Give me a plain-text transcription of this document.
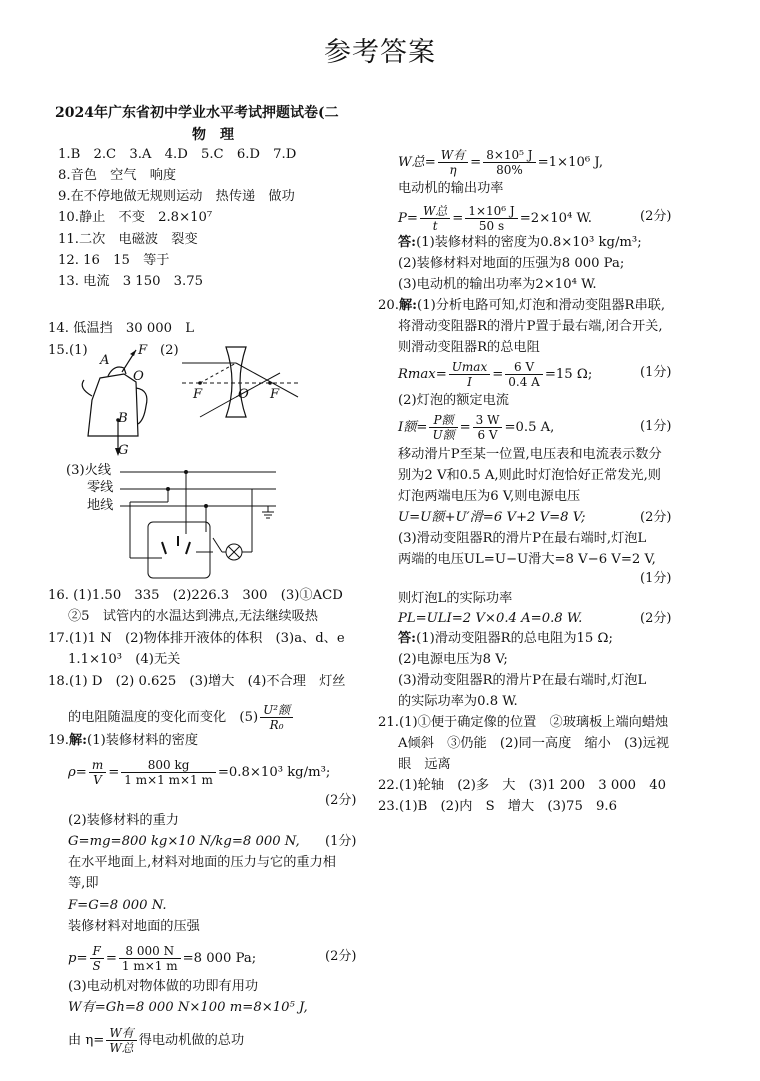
参考答案
2024年广东省初中学业水平考试押题试卷(二
物　理
1.B　2.C　3.A　4.D　5.C　6.D　7.D
8.音色　空气　响度
9.在不停地做无规则运动　热传递　做功
10.静止　不变　2.8×10⁷
11.二次　电磁波　裂变
12. 16　15　等于
13. 电流　3 150　3.75
14. 低温挡　30 000　L
15.(1)	(2)
A
F
O
B
G
F	O F
(3)火线
零线
地线
16. (1)1.50　335　(2)226.3　300　(3)①ACD
②5　试管内的水温达到沸点,无法继续吸热
17.(1)1 N　(2)物体排开液体的体积　(3)a、d、e
1.1×10³　(4)无关
18.(1) D　(2) 0.625　(3)增大　(4)不合理　灯丝
的电阻随温度的变化而变化　$(5) \frac{\text{U²额}}{\text{R₀}}$
19.解:(1)装修材料的密度
$\rho= \frac{m}{V} = \frac{800 kg}{1 m\times 1 m\times 1 m} =0.8\times 10^3$ kg/m³;
(2分)
(2)装修材料的重力
G=mg=800 kg×10 N/kg=8 000 N, (1分)
在水平地面上,材料对地面的压力与它的重力相
等,即
F=G=8 000 N.
装修材料对地面的压强
$p= \frac{F}{S} = \frac{8 000 N}{1 m\times 1 m} =8$ 000 Pa;	(2分)
(3)电动机对物体做的功即有用功
W有=Gh=8 000 N×100 m=8×10⁵ J,
由 $\eta= \frac{\text{W有}}{\text{W总}}$ 得电动机做的总功
W总= $\frac{\text{W有}}{\eta} = \frac{\text{8×10⁵ J}}{80\%} =1\times 10^6$ J,
电动机的输出功率
$P= \frac{\text{W总}}{t} = \frac{\text{1×10⁶ J}}{50 s} =2\times 10^4$ W.	(2分)
答:(1)装修材料的密度为0.8×10³ kg/m³;
(2)装修材料对地面的压强为8 000 Pa;
(3)电动机的输出功率为2×10⁴ W.
20.解:(1)分析电路可知,灯泡和滑动变阻器R串联,
将滑动变阻器R的滑片P置于最右端,闭合开关,
则滑动变阻器R的总电阻
$Rmax= \frac{Umax}{I} = \frac{6 V}{0.4 A} =15$ Ω;	(1分)
(2)灯泡的额定电流
I额= $\frac{\text{P额}}{\text{U额}} = \frac{3 W}{6 V} =0.5$ A,	(1分)
移动滑片P至某一位置,电压表和电流表示数分
别为2 V和0.5 A,则此时灯泡恰好正常发光,则
灯泡两端电压为6 V,则电源电压
U=U额+U′滑=6 V+2 V=8 V;	(2分)
(3)滑动变阻器R的滑片P在最右端时,灯泡L
两端的电压UL=U−U滑大=8 V−6 V=2 V,
(1分)
则灯泡L的实际功率
PL=ULI=2 V×0.4 A=0.8 W.	(2分)
答:(1)滑动变阻器R的总电阻为15 Ω;
(2)电源电压为8 V;
(3)滑动变阻器R的滑片P在最右端时,灯泡L
的实际功率为0.8 W.
21.(1)①便于确定像的位置　②玻璃板上端向蜡烛
A倾斜　③仍能　(2)同一高度　缩小　(3)远视
眼　远离
22.(1)轮轴　(2)多　大　(3)1 200　3 000　40
23.(1)B　(2)内　S　增大　(3)75　9.6
